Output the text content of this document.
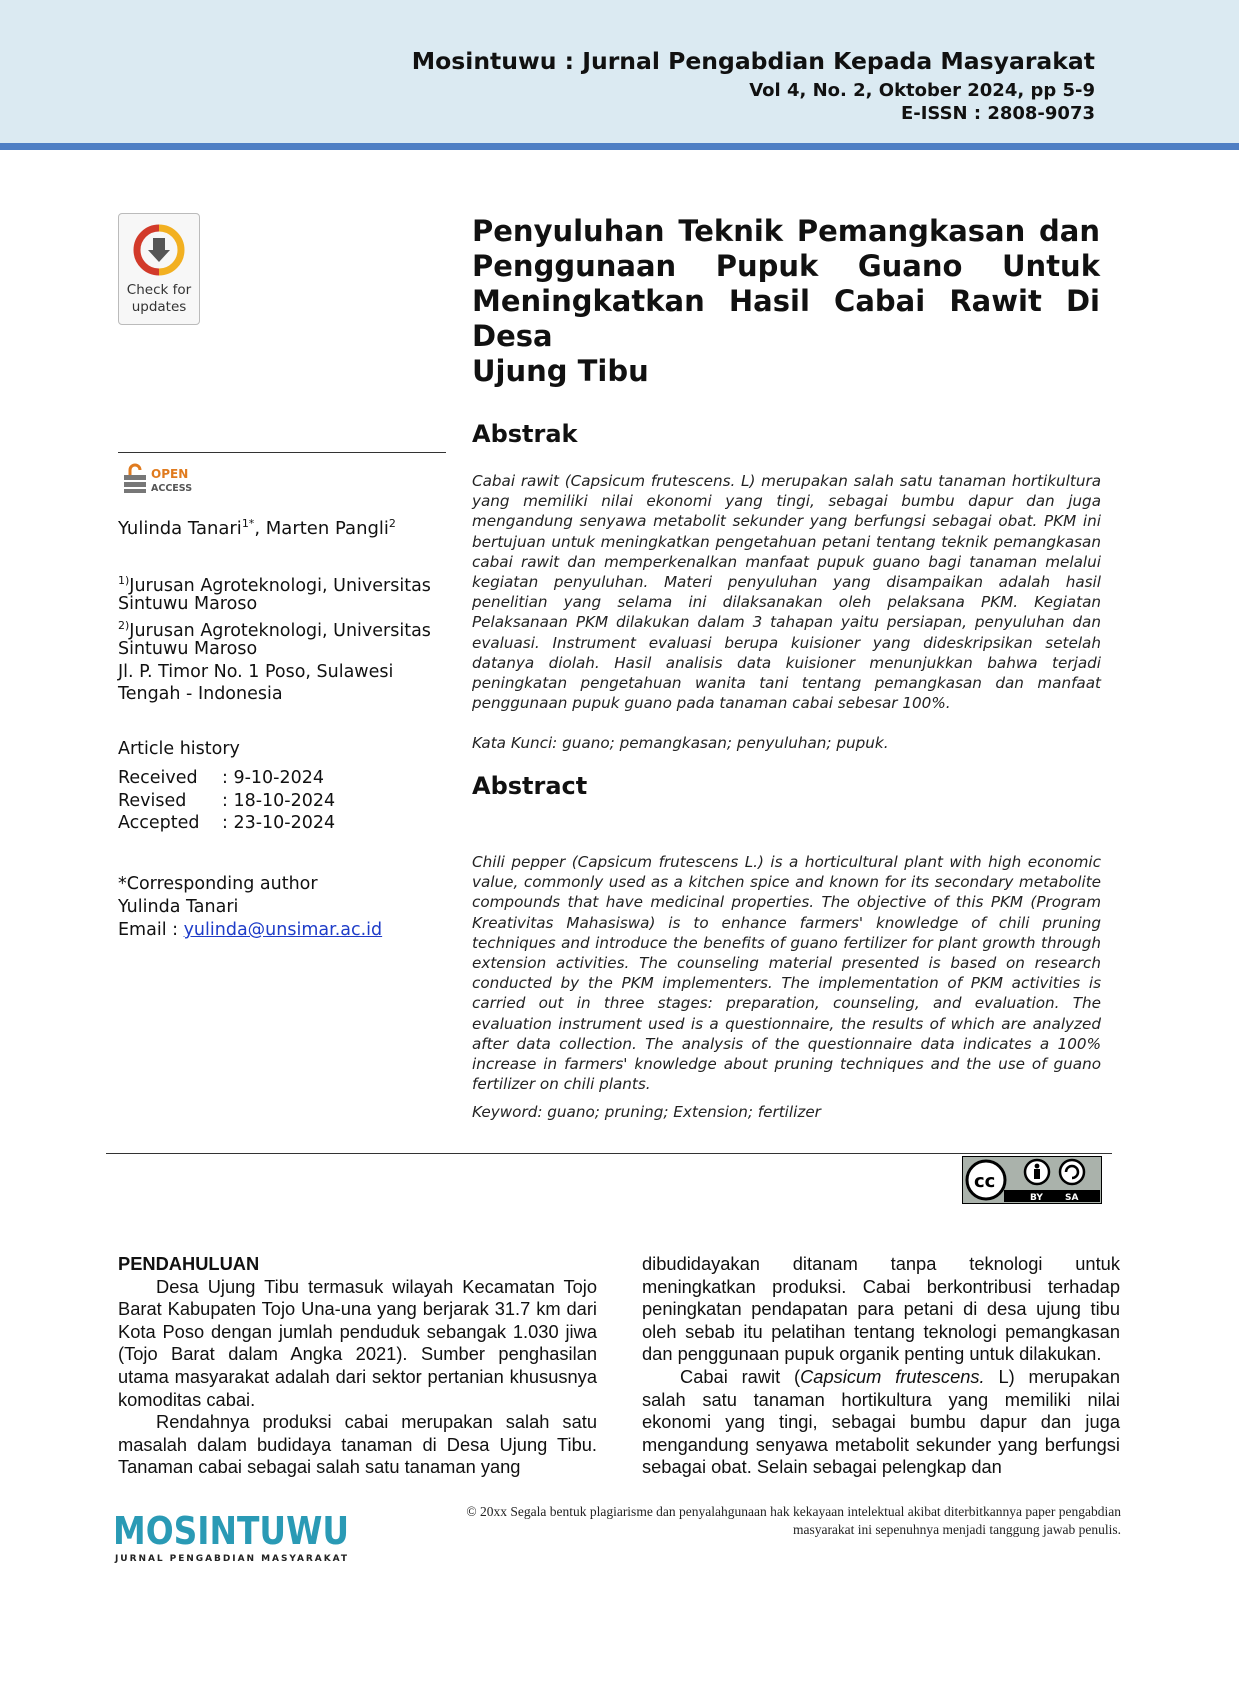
Mosintuwu : Jurnal Pengabdian Kepada Masyarakat
Vol 4, No. 2, Oktober 2024, pp 5-9
E-ISSN : 2808-9073
Check for
updates
Penyuluhan Teknik Pemangkasan dan
Penggunaan Pupuk Guano Untuk
Meningkatkan Hasil Cabai Rawit Di Desa
Ujung Tibu
OPEN
ACCESS
Yulinda Tanari$^{1*}$, Marten Pangli$^2$
$^{1)}$Jurusan Agroteknologi, Universitas
Sintuwu Maroso
$^{2)}$Jurusan Agroteknologi, Universitas
Sintuwu Maroso
Jl. P. Timor No. 1 Poso, Sulawesi
Tengah - Indonesia
Article history
Received : 9-10-2024
Revised : 18-10-2024
Accepted : 23-10-2024
*Corresponding author
Yulinda Tanari
Email : yulinda@unsimar.ac.id
Abstrak
Cabai rawit (Capsicum frutescens. L) merupakan salah satu tanaman hortikultura yang memiliki nilai ekonomi yang tingi, sebagai bumbu dapur dan juga mengandung senyawa metabolit sekunder yang berfungsi sebagai obat. PKM ini bertujuan untuk meningkatkan pengetahuan petani tentang teknik pemangkasan cabai rawit dan memperkenalkan manfaat pupuk guano bagi tanaman melalui kegiatan penyuluhan. Materi penyuluhan yang disampaikan adalah hasil penelitian yang selama ini dilaksanakan oleh pelaksana PKM. Kegiatan Pelaksanaan PKM dilakukan dalam 3 tahapan yaitu persiapan, penyuluhan dan evaluasi. Instrument evaluasi berupa kuisioner yang dideskripsikan setelah datanya diolah. Hasil analisis data kuisioner menunjukkan bahwa terjadi peningkatan pengetahuan wanita tani tentang pemangkasan dan manfaat penggunaan pupuk guano pada tanaman cabai sebesar 100%.
Kata Kunci: guano; pemangkasan; penyuluhan; pupuk.
Abstract
Chili pepper (Capsicum frutescens L.) is a horticultural plant with high economic value, commonly used as a kitchen spice and known for its secondary metabolite compounds that have medicinal properties. The objective of this PKM (Program Kreativitas Mahasiswa) is to enhance farmers' knowledge of chili pruning techniques and introduce the benefits of guano fertilizer for plant growth through extension activities. The counseling material presented is based on research conducted by the PKM implementers. The implementation of PKM activities is carried out in three stages: preparation, counseling, and evaluation. The evaluation instrument used is a questionnaire, the results of which are analyzed after data collection. The analysis of the questionnaire data indicates a 100% increase in farmers' knowledge about pruning techniques and the use of guano fertilizer on chili plants.
Keyword: guano; pruning; Extension; fertilizer
cc
BY SA

PENDAHULUAN

Desa Ujung Tibu termasuk wilayah Kecamatan Tojo Barat Kabupaten Tojo Una-una yang berjarak 31.7 km dari Kota Poso dengan jumlah penduduk sebangak 1.030 jiwa (Tojo Barat dalam Angka 2021). Sumber penghasilan utama masyarakat adalah dari sektor pertanian khususnya komoditas cabai.

Rendahnya produksi cabai merupakan salah satu masalah dalam budidaya tanaman di Desa Ujung Tibu. Tanaman cabai sebagai salah satu tanaman yang

dibudidayakan ditanam tanpa teknologi untuk meningkatkan produksi. Cabai berkontribusi terhadap peningkatan pendapatan para petani di desa ujung tibu oleh sebab itu pelatihan tentang teknologi pemangkasan dan penggunaan pupuk organik penting untuk dilakukan.

Cabai rawit (Capsicum frutescens. L) merupakan salah satu tanaman hortikultura yang memiliki nilai ekonomi yang tingi, sebagai bumbu dapur dan juga mengandung senyawa metabolit sekunder yang berfungsi sebagai obat. Selain sebagai pelengkap dan

MOSINTUWU
JURNAL PENGABDIAN MASYARAKAT
© 20xx Segala bentuk plagiarisme dan penyalahgunaan hak kekayaan intelektual akibat diterbitkannya paper pengabdian
masyarakat ini sepenuhnya menjadi tanggung jawab penulis.
